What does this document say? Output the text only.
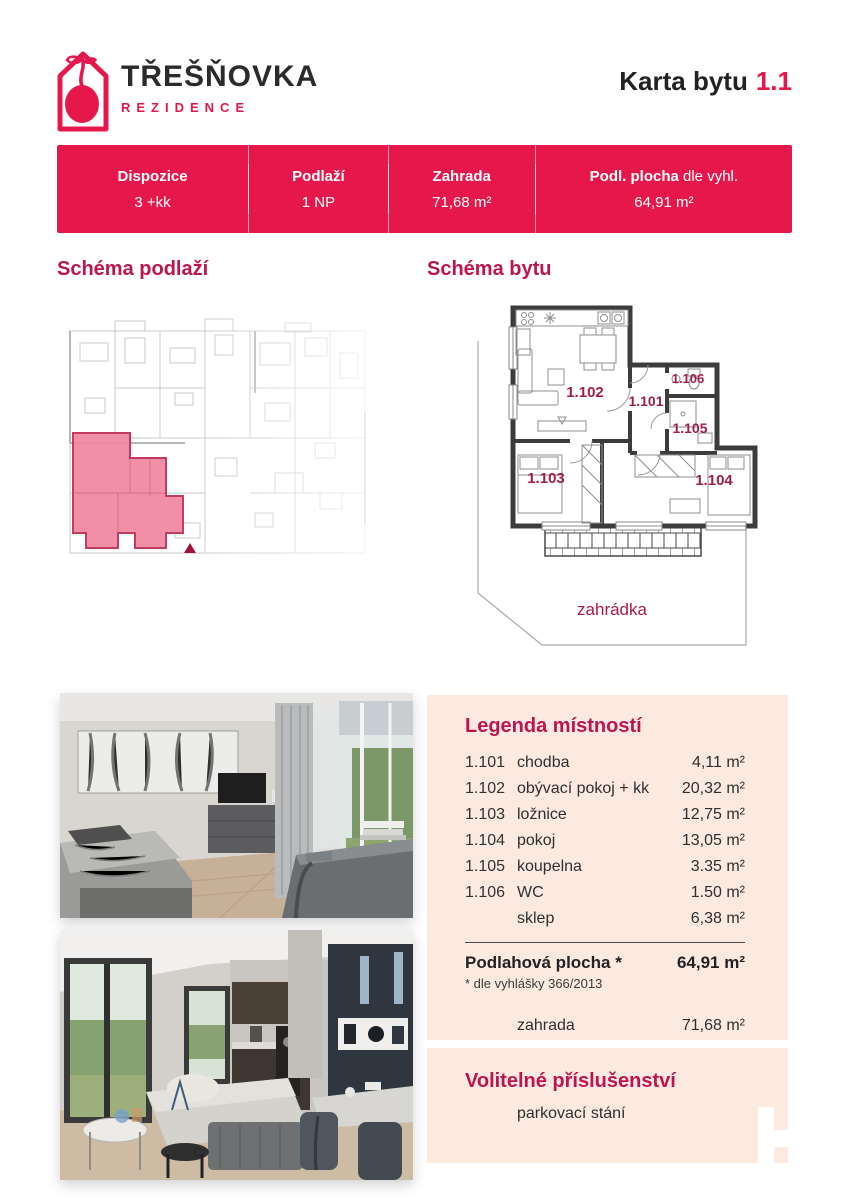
TŘEŠŇOVKA
REZIDENCE
Karta bytu 1.1
Dispozice
3 +kk
Podlaží
1 NP
Zahrada
71,68 m²
Podl. plocha dle vyhl.
64,91 m²
Schéma podlaží	Schéma bytu
zahrádka
1.102 1.101
1.106
1.105
1.103	1.104
Legenda místností
1.101 chodba	4,11 m²
1.102 obývací pokoj + kk	20,32 m²
1.103 ložnice	12,75 m²
1.104 pokoj	13,05 m²
1.105 koupelna	3.35 m²
1.106 WC	1.50 m²
sklep	6,38 m²
Podlahová plocha *	64,91 m²
* dle vyhlášky 366/2013
zahrada	71,68 m²
Volitelné příslušenství
parkovací stání
